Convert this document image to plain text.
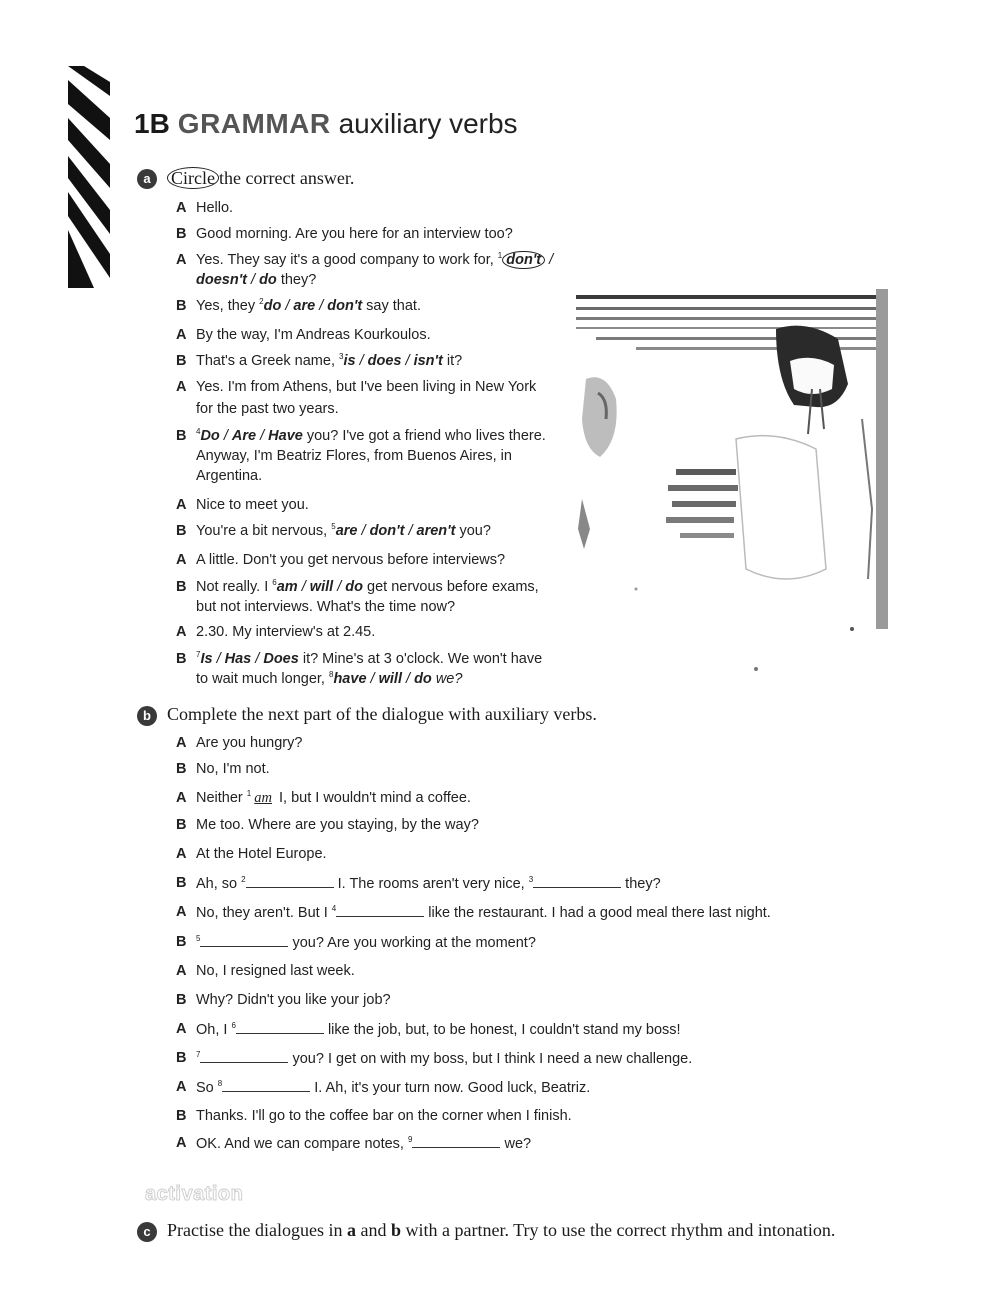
1B GRAMMAR auxiliary verbs
a	Circle the correct answer.
A Hello.
B Good morning. Are you here for an interview too?
A Yes. They say it's a good company to work for, $^1$ don't / doesn't / do they?
B Yes, they $^2$do / are / don't say that.
A By the way, I'm Andreas Kourkoulos.
B That's a Greek name, $^3$is / does / isn't it?
A Yes. I'm from Athens, but I've been living in New York
for the past two years.
B	$^4$Do / Are / Have you? I've got a friend who lives there.
Anyway, I'm Beatriz Flores, from Buenos Aires, in
Argentina.
A Nice to meet you.
B You're a bit nervous, $^5$are / don't / aren't you?
A A little. Don't you get nervous before interviews?
B Not really. I $^6$am / will / do get nervous before exams,
but not interviews. What's the time now?
A 2.30. My interview's at 2.45.
B	$^7$Is / Has / Does it? Mine's at 3 o'clock. We won't have
to wait much longer, $^8$have / will / do we?
b Complete the next part of the dialogue with auxiliary verbs.
A Are you hungry?
B No, I'm not.
A Neither $^1$ am I, but I wouldn't mind a coffee.
B Me too. Where are you staying, by the way?
A At the Hotel Europe.
B Ah, so $^2$	I. The rooms aren't very nice, $^3$	they?
A No, they aren't. But I $^4$	like the restaurant. I had a good meal there last night.
B	$^5$	you? Are you working at the moment?
A No, I resigned last week.
B Why? Didn't you like your job?
A Oh, I $^6$	like the job, but, to be honest, I couldn't stand my boss!
B	$^7$	you? I get on with my boss, but I think I need a new challenge.
A So $^8$	I. Ah, it's your turn now. Good luck, Beatriz.
B Thanks. I'll go to the coffee bar on the corner when I finish.
A OK. And we can compare notes, $^9$	we?
activation
c Practise the dialogues in a and b with a partner. Try to use the correct rhythm and intonation.
